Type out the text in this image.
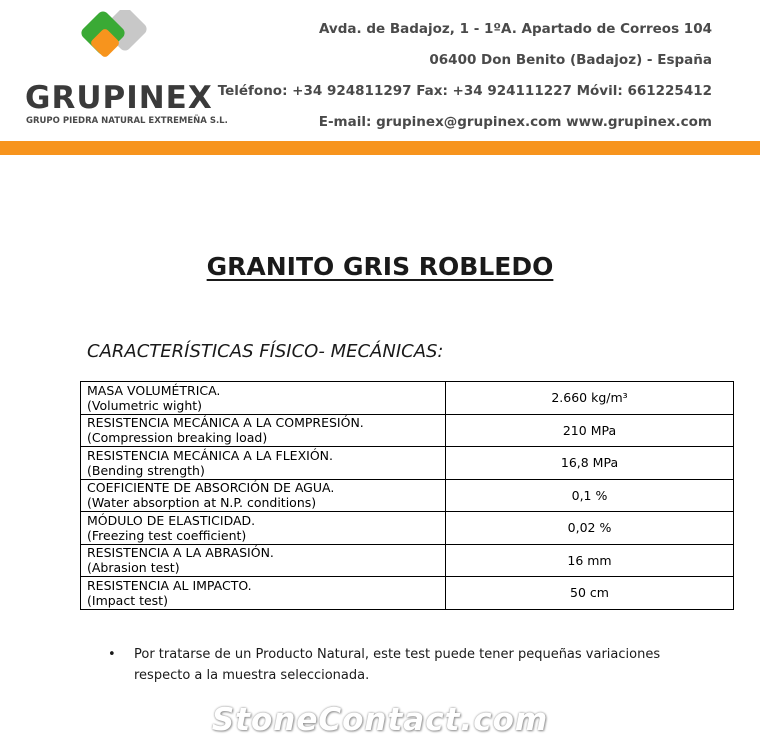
GRUPINEX
GRUPO PIEDRA NATURAL EXTREMEÑA S.L.
Avda. de Badajoz, 1 - 1ºA. Apartado de Correos 104
06400 Don Benito (Badajoz) - España
Teléfono: +34 924811297 Fax: +34 924111227 Móvil: 661225412
E-mail: grupinex@grupinex.com www.grupinex.com
GRANITO GRIS ROBLEDO
CARACTERÍSTICAS FÍSICO- MECÁNICAS:
MASA VOLUMÉTRICA.
(Volumetric wight)	2.660 kg/m³

RESISTENCIA MECÁNICA A LA COMPRESIÓN.
(Compression breaking load)	210 MPa

RESISTENCIA MECÁNICA A LA FLEXIÓN.
(Bending strength)	16,8 MPa

COEFICIENTE DE ABSORCIÓN DE AGUA.
(Water absorption at N.P. conditions)	0,1 %

MÓDULO DE ELASTICIDAD.
(Freezing test coefficient)	0,02 %

RESISTENCIA A LA ABRASIÓN.
(Abrasion test)	16 mm

RESISTENCIA AL IMPACTO.
(Impact test)	50 cm
•	Por tratarse de un Producto Natural, este test puede tener pequeñas variaciones respecto a la muestra seleccionada.
StoneContact.com
